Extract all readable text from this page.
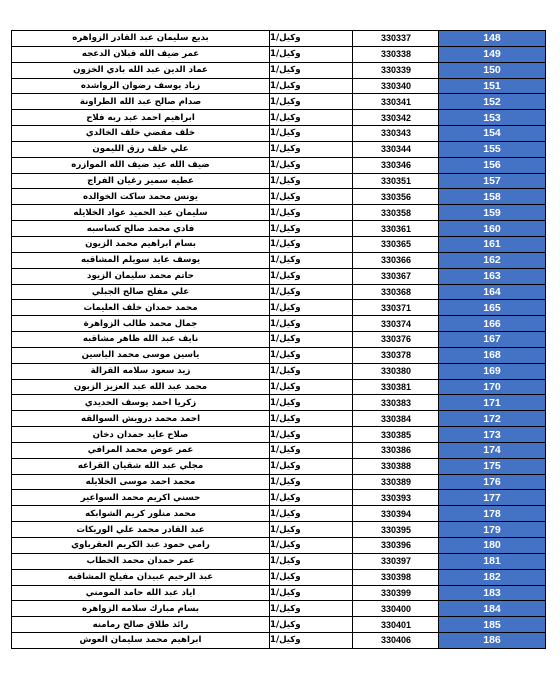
بديع سليمان عبد القادر الزواهره	وكيل/1	330337	148
عمر ضيف الله قبلان الدعجه	وكيل/1	330338	149
عماد الدين عبد الله بادي الخزون	وكيل/1	330339	150
زياد يوسف رضوان الرواشده	وكيل/1	330340	151
صدام صالح عبد الله الطراونة	وكيل/1	330341	152
ابراهيم احمد عبد ربه فلاح	وكيل/1	330342	153
خلف مقضي خلف الخالدي	وكيل/1	330343	154
علي خلف رزق الليمون	وكيل/1	330344	155
ضيف الله عيد ضيف الله الموازره	وكيل/1	330346	156
عطيه سمير رغيان الفراج	وكيل/1	330351	157
يونس محمد ساكت الخوالده	وكيل/1	330356	158
سليمان عبد الحميد عواد الخلايله	وكيل/1	330358	159
فادي محمد صالح كساسبه	وكيل/1	330361	160
بسام ابراهيم محمد الزيون	وكيل/1	330365	161
يوسف عايد سويلم المشاقبه	وكيل/1	330366	162
حاتم محمد سليمان الزيود	وكيل/1	330367	163
علي مفلح صالح الجبلي	وكيل/1	330368	164
محمد حمدان خلف العليمات	وكيل/1	330371	165
جمال محمد طالب الزواهرة	وكيل/1	330374	166
نايف عبد الله ظاهر مشاقبه	وكيل/1	330376	167
ياسين موسى محمد الياسين	وكيل/1	330378	168
زيد سعود سلامه القرالة	وكيل/1	330380	169
محمد عبد الله عبد العزيز الزبون	وكيل/1	330381	170
زكريا احمد يوسف الحديدي	وكيل/1	330383	171
احمد محمد درويش السوالقه	وكيل/1	330384	172
صلاح عايد حمدان دخان	وكيل/1	330385	173
عمر عوض محمد المرافي	وكيل/1	330386	174
مجلي عبد الله شقيان القراعه	وكيل/1	330388	175
محمد احمد موسى الخلايله	وكيل/1	330389	176
حسني اكريم محمد السواعير	وكيل/1	330393	177
محمد منلور كريم الشوابكه	وكيل/1	330394	178
عبد القادر محمد علي الوريكات	وكيل/1	330395	179
رامي حمود عبد الكريم العقرباوي	وكيل/1	330396	180
عمر حمدان محمد الخطاب	وكيل/1	330397	181
عبد الرحيم عبيدان مفيلح المشاقبه	وكيل/1	330398	182
اياد عبد الله حامد المومني	وكيل/1	330399	183
بسام مبارك سلامه الزواهره	وكيل/1	330400	184
رائد طلاق صالح رمامنه	وكيل/1	330401	185
ابراهيم محمد سليمان العوش	وكيل/1	330406	186
